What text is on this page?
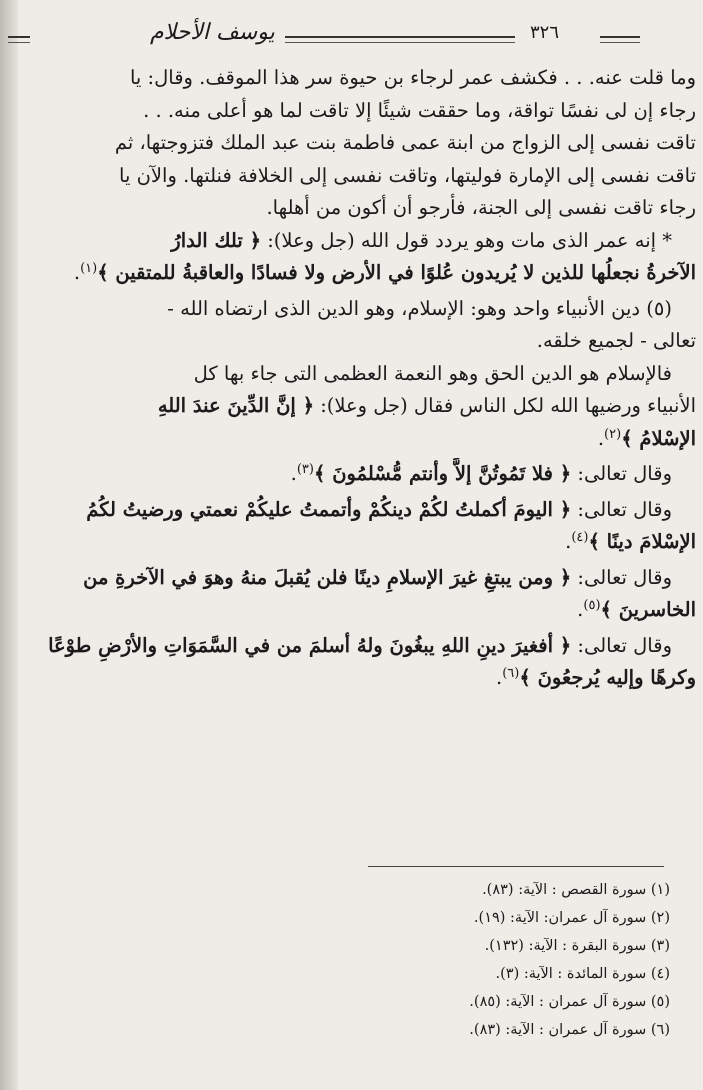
يوسف الأحلام	٣٢٦

وما قلت عنه. . . فكشف عمر لرجاء بن حيوة سر هذا الموقف. وقال: يا

رجاء إن لى نفسًا تواقة، وما حققت شيئًا إلا تاقت لما هو أعلى منه. . .

تاقت نفسى إلى الزواج من ابنة عمى فاطمة بنت عبد الملك فتزوجتها، ثم

تاقت نفسى إلى الإمارة فوليتها، وتاقت نفسى إلى الخلافة فنلتها. والآن يا

رجاء تاقت نفسى إلى الجنة، فأرجو أن أكون من أهلها.

* إنه عمر الذى مات وهو يردد قول الله (جل وعلا): ﴿ تلك الدارُ

الآخرةُ نجعلُها للذين لا يُريدون عُلوًا في الأرض ولا فسادًا والعاقبةُ للمتقين ﴾$^{(١)}$.

(٥) دين الأنبياء واحد وهو: الإسلام، وهو الدين الذى ارتضاه الله -

تعالى - لجميع خلقه.

فالإسلام هو الدين الحق وهو النعمة العظمى التى جاء بها كل

الأنبياء ورضيها الله لكل الناس فقال (جل وعلا): ﴿ إنَّ الدِّينَ عندَ اللهِ

الإسْلامُ ﴾$^{(٢)}$.

وقال تعالى: ﴿ فلا تَمُوتُنَّ إلاَّ وأنتم مُّسْلمُونَ ﴾$^{(٣)}$.

وقال تعالى: ﴿ اليومَ أكملتُ لكُمْ دينكُمْ وأتممتُ عليكُمْ نعمتي ورضيتُ لكُمُ

الإسْلامَ دينًا ﴾$^{(٤)}$.

وقال تعالى: ﴿ ومن يبتغِ غيرَ الإسلامِ دينًا فلن يُقبلَ منهُ وهوَ في الآخرةِ من

الخاسرينَ ﴾$^{(٥)}$.

وقال تعالى: ﴿ أفغيرَ دينِ اللهِ يبغُونَ ولهُ أسلمَ من في السَّمَوَاتِ والأرْضِ طوْعًا

وكرهًا وإليه يُرجعُونَ ﴾$^{(٦)}$.

(١) سورة القصص : الآية: (٨٣).
(٢) سورة آل عمران: الآية: (١٩).
(٣) سورة البقرة : الآية: (١٣٢).
(٤) سورة المائدة : الآية: (٣).
(٥) سورة آل عمران : الآية: (٨٥).
(٦) سورة آل عمران : الآية: (٨٣).
